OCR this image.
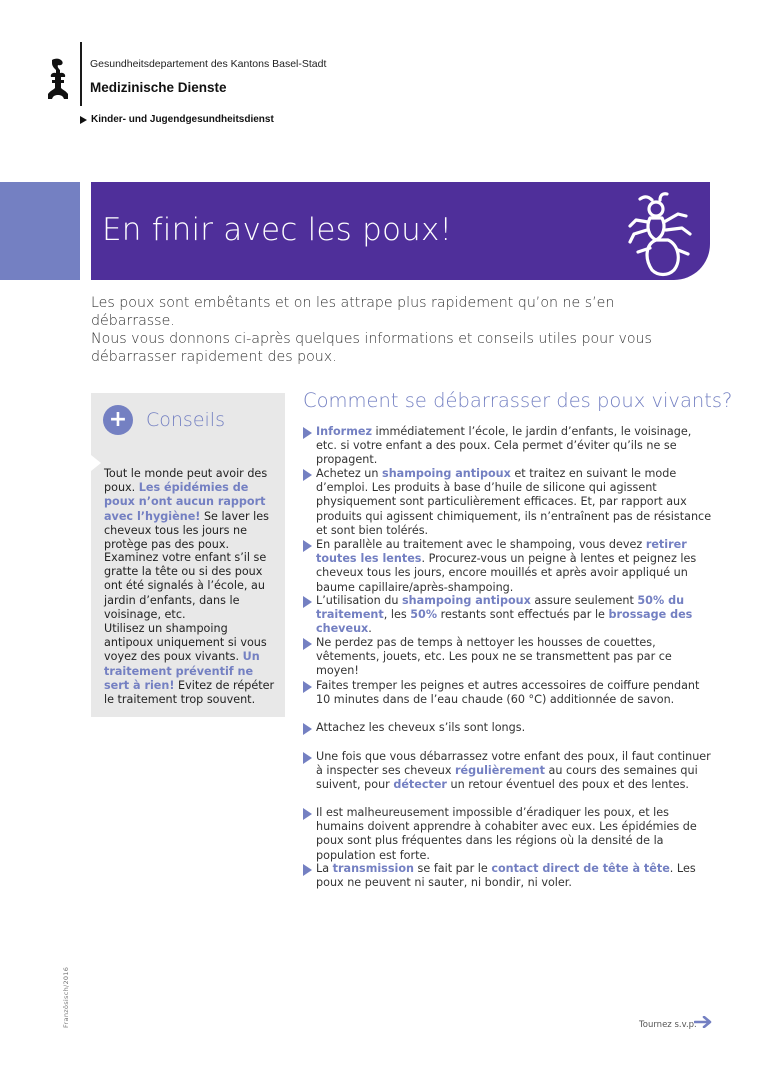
Gesundheitsdepartement des Kantons Basel-Stadt
Medizinische Dienste
Kinder- und Jugendgesundheitsdienst
En finir avec les poux!
Les poux sont embêtants et on les attrape plus rapidement qu’on ne s’en débarrasse.
Nous vous donnons ci-après quelques informations et conseils utiles pour vous débarrasser rapidement des poux.
+ Conseils
Tout le monde peut avoir des poux. Les épidémies de poux n’ont aucun rapport avec l’hygiène! Se laver les cheveux tous les jours ne protège pas des poux.
Examinez votre enfant s’il se gratte la tête ou si des poux ont été signalés à l’école, au jardin d’enfants, dans le voisinage, etc.
Utilisez un shampoing antipoux uniquement si vous voyez des poux vivants. Un traitement préventif ne sert à rien! Evitez de répéter le traitement trop souvent.
Comment se débarrasser des poux vivants?
Informez immédiatement l’école, le jardin d’enfants, le voisinage, etc. si votre enfant a des poux. Cela permet d’éviter qu’ils ne se propagent.
Achetez un shampoing antipoux et traitez en suivant le mode d’emploi. Les produits à base d’huile de silicone qui agissent physiquement sont particulièrement efficaces. Et, par rapport aux produits qui agissent chimiquement, ils n’entraînent pas de résistance et sont bien tolérés.
En parallèle au traitement avec le shampoing, vous devez retirer toutes les lentes. Procurez-vous un peigne à lentes et peignez les cheveux tous les jours, encore mouillés et après avoir appliqué un baume capillaire/après-shampoing.
L’utilisation du shampoing antipoux assure seulement 50% du traitement, les 50% restants sont effectués par le brossage des cheveux.
Ne perdez pas de temps à nettoyer les housses de couettes, vêtements, jouets, etc. Les poux ne se transmettent pas par ce moyen!
Faites tremper les peignes et autres accessoires de coiffure pendant 10 minutes dans de l’eau chaude (60 °C) additionnée de savon.
Attachez les cheveux s’ils sont longs.
Une fois que vous débarrassez votre enfant des poux, il faut continuer à inspecter ses cheveux régulièrement au cours des semaines qui suivent, pour détecter un retour éventuel des poux et des lentes.
Il est malheureusement impossible d’éradiquer les poux, et les humains doivent apprendre à cohabiter avec eux. Les épidémies de poux sont plus fréquentes dans les régions où la densité de la population est forte.
La transmission se fait par le contact direct de tête à tête. Les poux ne peuvent ni sauter, ni bondir, ni voler.
Französisch/2016	Tournez s.v.p.
